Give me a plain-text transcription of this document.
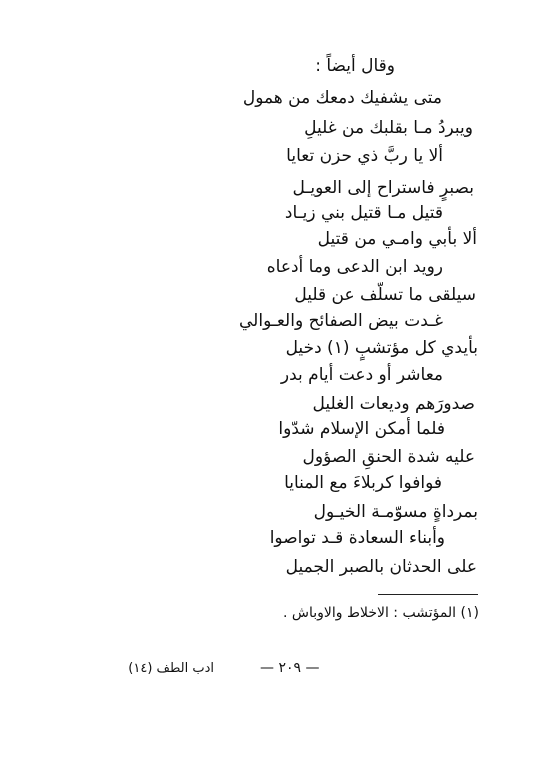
وقال أيضاً :
متى يشفيك دمعك من همول
ويبردُ مـا بقلبك من غليلِ
ألا يا ربَّ ذي حزن تعايا
بصبرٍ فاستراح إلى العويـل
قتيل مـا قتيل بني زيـاد
ألا بأبي وامـي من قتيل
رويد ابن الدعى وما أدعاه
سيلقى ما تسلّف عن قليل
غـدت بيض الصفائح والعـوالي
بأيدي كل مؤتشبٍ (١) دخيل
معاشر أو دعت أيام بدر
صدورَهم وديعات الغليل
فلما أمكن الإسلام شدّوا
عليه شدة الحنقِ الصؤول
فوافوا كربلاءَ مع المنايا
بمرداةٍ مسوّمـة الخيـول
وأبناء السعادة قـد تواصوا
على الحدثان بالصبر الجميل
(١) المؤتشب : الاخلاط والاوباش .
— ٢٠٩ —
ادب الطف (١٤)
